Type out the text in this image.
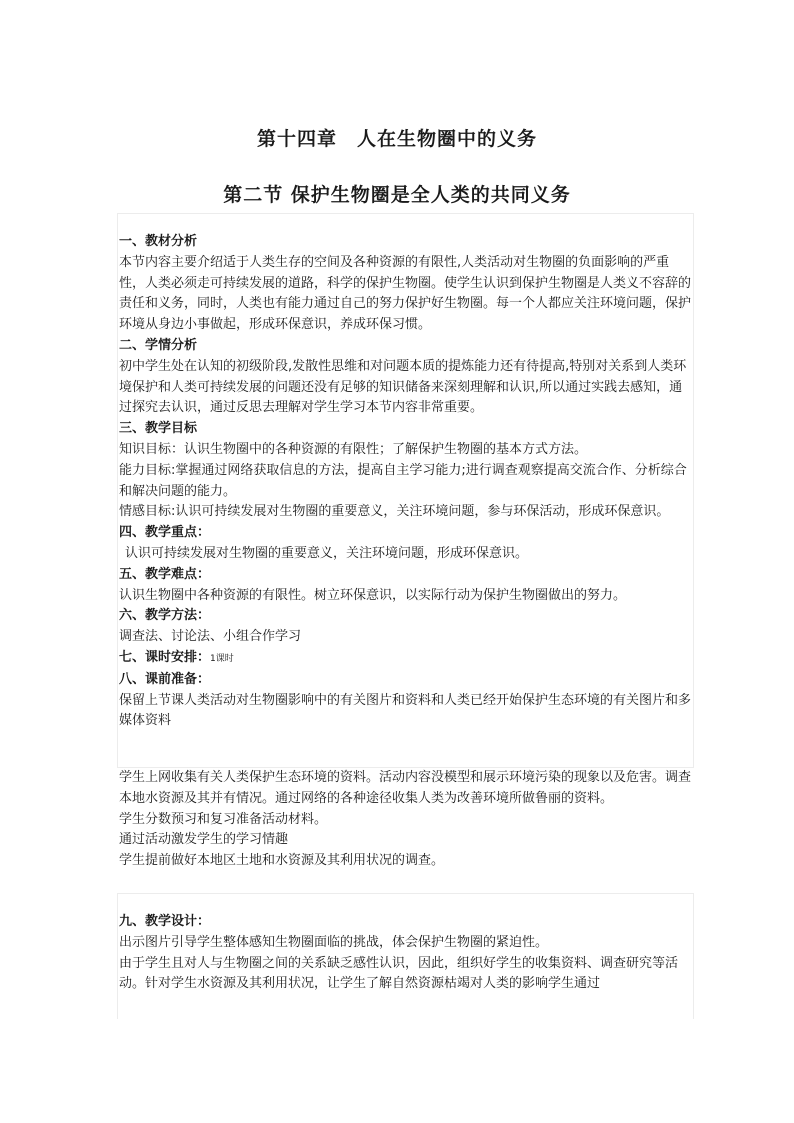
第十四章　人在生物圈中的义务
第二节 保护生物圈是全人类的共同义务
一、教材分析
本节内容主要介绍适于人类生存的空间及各种资源的有限性,人类活动对生物圈的负面影响的严重性，人类必须走可持续发展的道路，科学的保护生物圈。使学生认识到保护生物圈是人类义不容辞的责任和义务，同时，人类也有能力通过自己的努力保护好生物圈。每一个人都应关注环境问题，保护环境从身边小事做起，形成环保意识，养成环保习惯。
二、学情分析
初中学生处在认知的初级阶段,发散性思维和对问题本质的提炼能力还有待提高,特别对关系到人类环境保护和人类可持续发展的问题还没有足够的知识储备来深刻理解和认识,所以通过实践去感知，通过探究去认识，通过反思去理解对学生学习本节内容非常重要。
三、教学目标
知识目标：认识生物圈中的各种资源的有限性；了解保护生物圈的基本方式方法。
能力目标:掌握通过网络获取信息的方法，提高自主学习能力;进行调查观察提高交流合作、分析综合和解决问题的能力。
情感目标:认识可持续发展对生物圈的重要意义，关注环境问题，参与环保活动，形成环保意识。
四、教学重点：
认识可持续发展对生物圈的重要意义，关注环境问题，形成环保意识。
五、教学难点：
认识生物圈中各种资源的有限性。树立环保意识，以实际行动为保护生物圈做出的努力。
六、教学方法：
调查法、讨论法、小组合作学习
七、课时安排：1课时
八、课前准备：
保留上节课人类活动对生物圈影响中的有关图片和资料和人类已经开始保护生态环境的有关图片和多媒体资料
学生上网收集有关人类保护生态环境的资料。活动内容没模型和展示环境污染的现象以及危害。调查本地水资源及其并有情况。通过网络的各种途径收集人类为改善环境所做鲁丽的资料。
学生分数预习和复习准备活动材料。
通过活动激发学生的学习情趣
学生提前做好本地区土地和水资源及其利用状况的调查。
九、教学设计：
出示图片引导学生整体感知生物圈面临的挑战，体会保护生物圈的紧迫性。
由于学生且对人与生物圈之间的关系缺乏感性认识，因此，组织好学生的收集资料、调查研究等活动。针对学生水资源及其利用状况，让学生了解自然资源枯竭对人类的影响学生通过
